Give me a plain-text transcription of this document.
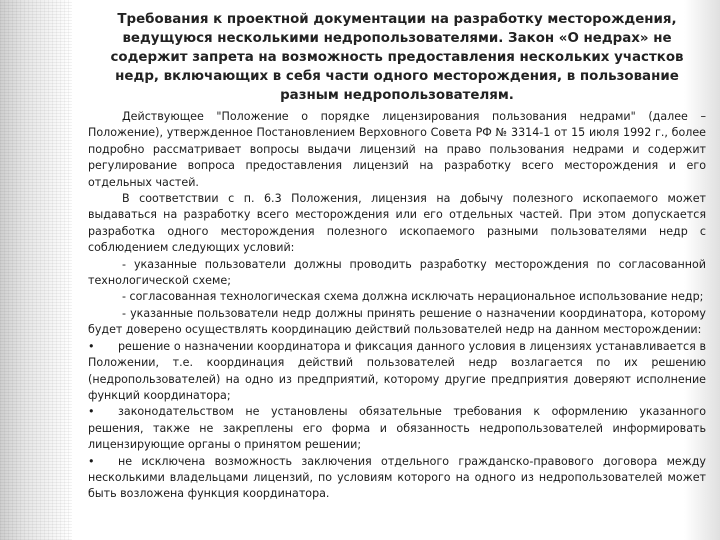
Требования к проектной документации на разработку месторождения, ведущуюся несколькими недропользователями. Закон «О недрах» не содержит запрета на возможность предоставления нескольких участков недр, включающих в себя части одного месторождения, в пользование разным недропользователям.

Действующее "Положение о порядке лицензирования пользования недрами" (далее – Положение), утвержденное Постановлением Верховного Совета РФ № 3314-1 от 15 июля 1992 г., более подробно рассматривает вопросы выдачи лицензий на право пользования недрами и содержит регулирование вопроса предоставления лицензий на разработку всего месторождения и его отдельных частей.

В соответствии с п. 6.3 Положения, лицензия на добычу полезного ископаемого может выдаваться на разработку всего месторождения или его отдельных частей. При этом допускается разработка одного месторождения полезного ископаемого разными пользователями недр с соблюдением следующих условий:

- указанные пользователи должны проводить разработку месторождения по согласованной технологической схеме;

- согласованная технологическая схема должна исключать нерациональное использование недр;

- указанные пользователи недр должны принять решение о назначении координатора, которому будет доверено осуществлять координацию действий пользователей недр на данном месторождении:

• решение о назначении координатора и фиксация данного условия в лицензиях устанавливается в Положении, т.е. координация действий пользователей недр возлагается по их решению (недропользователей) на одно из предприятий, которому другие предприятия доверяют исполнение функций координатора;

• законодательством не установлены обязательные требования к оформлению указанного решения, также не закреплены его форма и обязанность недропользователей информировать лицензирующие органы о принятом решении;

• не исключена возможность заключения отдельного гражданско-правового договора между несколькими владельцами лицензий, по условиям которого на одного из недропользователей может быть возложена функция координатора.
